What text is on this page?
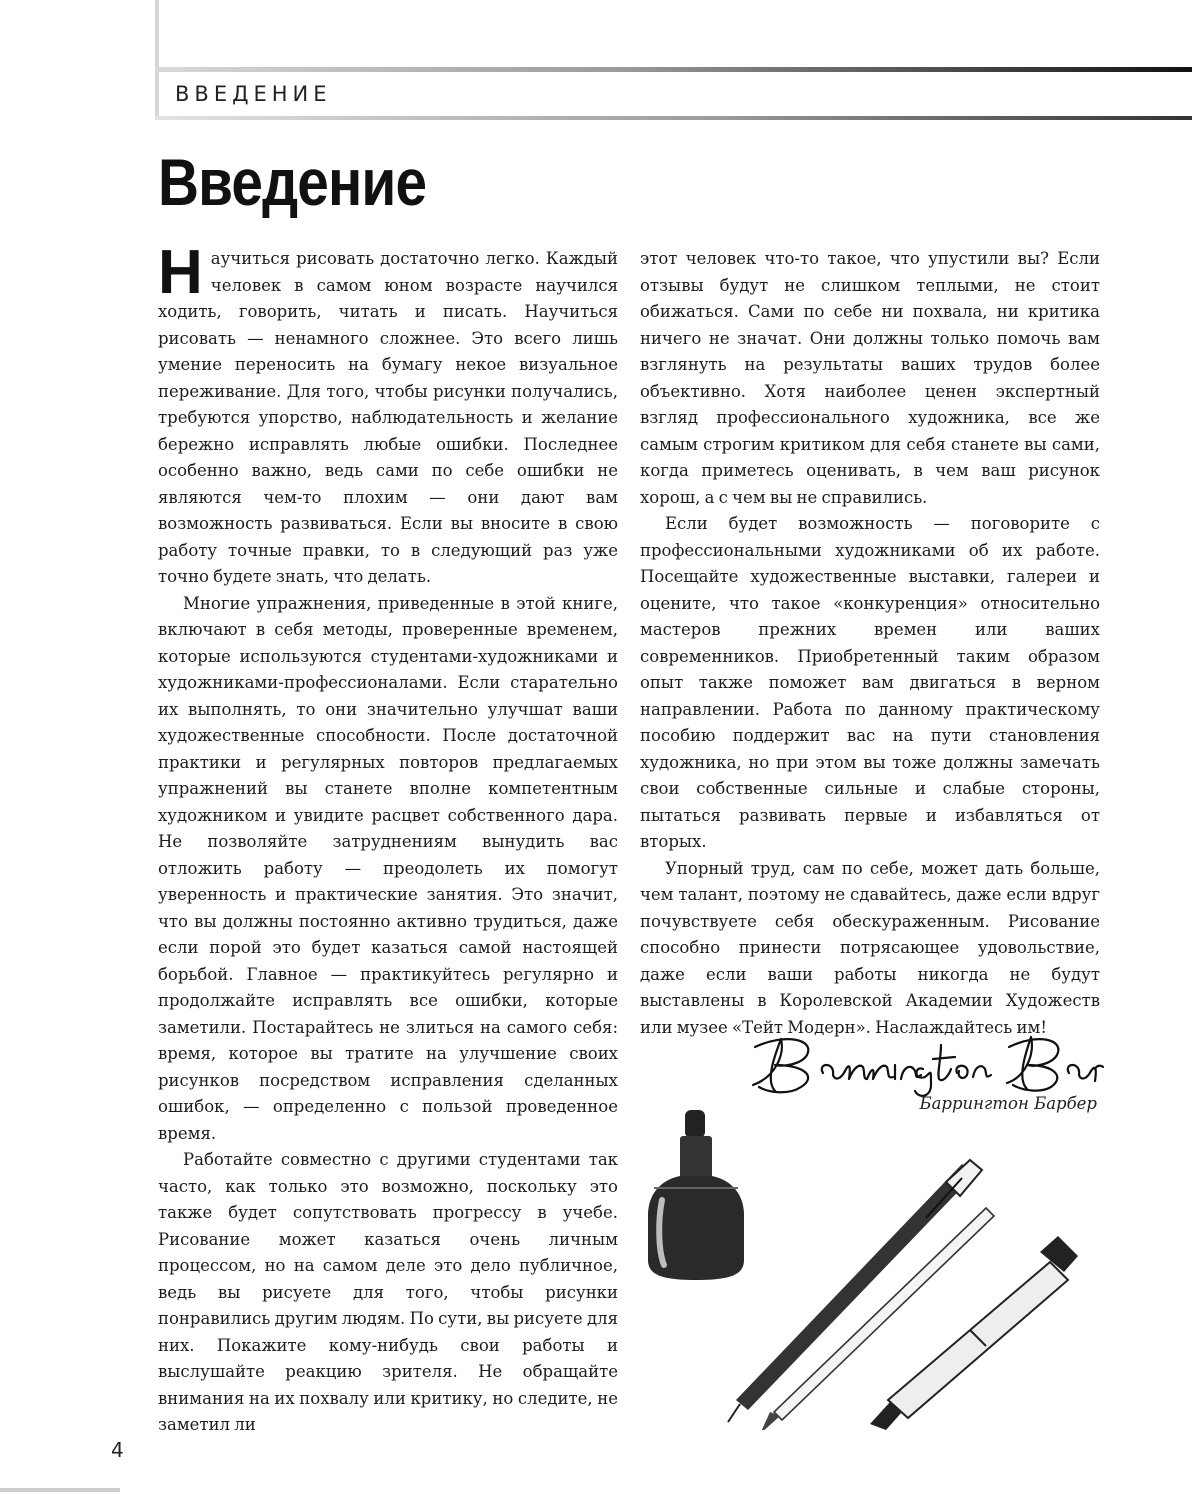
ВВЕДЕНИЕ

Введение

Научиться рисовать достаточно легко. Каждый человек в самом юном возрасте научился ходить, говорить, читать и писать. Научиться рисовать — ненамного сложнее. Это всего лишь умение переносить на бумагу некое визуальное переживание. Для того, чтобы рисунки получались, требуются упорство, наблюдательность и желание бережно исправлять любые ошибки. Последнее особенно важно, ведь сами по себе ошибки не являются чем-то плохим — они дают вам возможность развиваться. Если вы вносите в свою работу точные правки, то в следующий раз уже точно будете знать, что делать.

Многие упражнения, приведенные в этой книге, включают в себя методы, проверенные временем, которые используются студентами-художниками и художниками-профессионалами. Если старательно их выполнять, то они значительно улучшат ваши художественные способности. После достаточной практики и регулярных повторов предлагаемых упражнений вы станете вполне компетентным художником и увидите расцвет собственного дара. Не позволяйте затруднениям вынудить вас отложить работу — преодолеть их помогут уверенность и практические занятия. Это значит, что вы должны постоянно активно трудиться, даже если порой это будет казаться самой настоящей борьбой. Главное — практикуйтесь регулярно и продолжайте исправлять все ошибки, которые заметили. Постарайтесь не злиться на самого себя: время, которое вы тратите на улучшение своих рисунков посредством исправления сделанных ошибок, — определенно с пользой проведенное время.

Работайте совместно с другими студентами так часто, как только это возможно, поскольку это также будет сопутствовать прогрессу в учебе. Рисование может казаться очень личным процессом, но на самом деле это дело публичное, ведь вы рисуете для того, чтобы рисунки понравились другим людям. По сути, вы рисуете для них. Покажите кому-нибудь свои работы и выслушайте реакцию зрителя. Не обращайте внимания на их похвалу или критику, но следите, не заметил ли

этот человек что-то такое, что упустили вы? Если отзывы будут не слишком теплыми, не стоит обижаться. Сами по себе ни похвала, ни критика ничего не значат. Они должны только помочь вам взглянуть на результаты ваших трудов более объективно. Хотя наиболее ценен экспертный взгляд профессионального художника, все же самым строгим критиком для себя станете вы сами, когда приметесь оценивать, в чем ваш рисунок хорош, а с чем вы не справились.

Если будет возможность — поговорите с профессиональными художниками об их работе. Посещайте художественные выставки, галереи и оцените, что такое «конкуренция» относительно мастеров прежних времен или ваших современников. Приобретенный таким образом опыт также поможет вам двигаться в верном направлении. Работа по данному практическому пособию поддержит вас на пути становления художника, но при этом вы тоже должны замечать свои собственные сильные и слабые стороны, пытаться развивать первые и избавляться от вторых.

Упорный труд, сам по себе, может дать больше, чем талант, поэтому не сдавайтесь, даже если вдруг почувствуете себя обескураженным. Рисование способно принести потрясающее удовольствие, даже если ваши работы никогда не будут выставлены в Королевской Академии Художеств или музее «Тейт Модерн». Наслаждайтесь им!

Баррингтон Барбер

4
